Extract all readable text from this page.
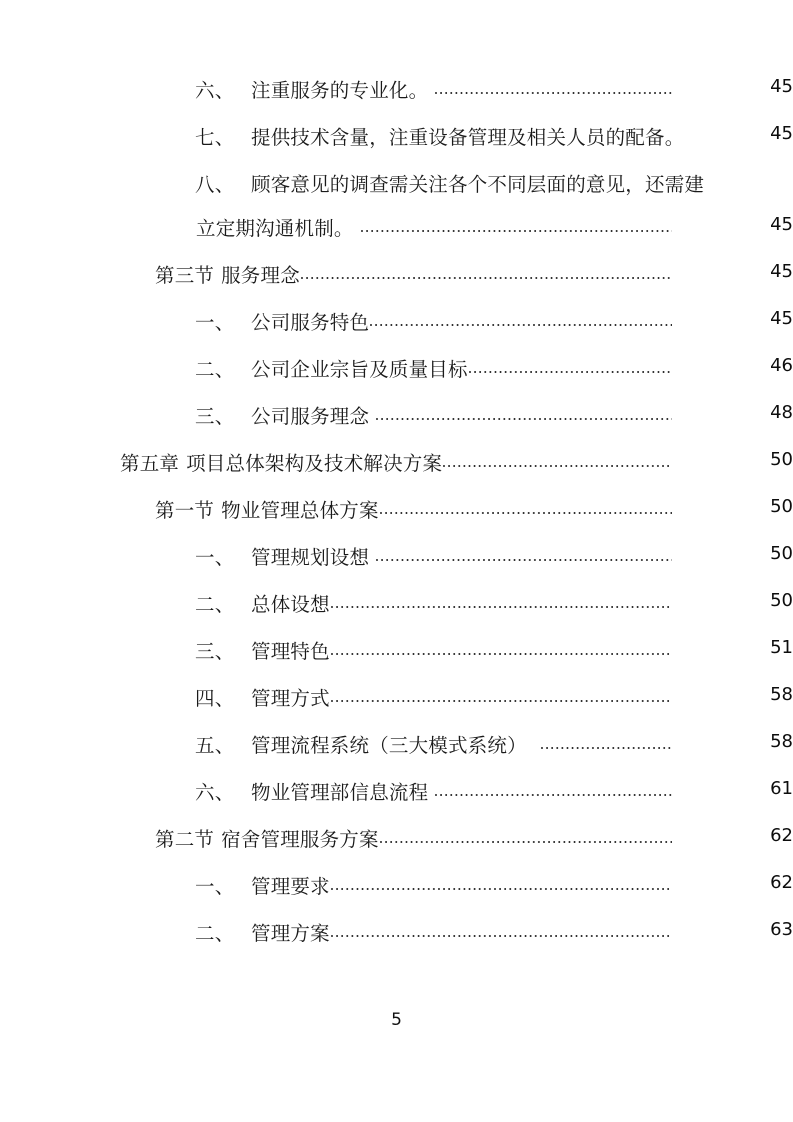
六、 注重服务的专业化。	45
七、 提供技术含量，注重设备管理及相关人员的配备。	45
八、 顾客意见的调查需关注各个不同层面的意见，还需建
立定期沟通机制。	45
第三节 服务理念	45
一、 公司服务特色	45
二、 公司企业宗旨及质量目标	46
三、 公司服务理念	48
第五章 项目总体架构及技术解决方案	50
第一节 物业管理总体方案	50
一、 管理规划设想	50
二、 总体设想	50
三、 管理特色	51
四、 管理方式	58
五、 管理流程系统（三大模式系统）	58
六、 物业管理部信息流程	61
第二节 宿舍管理服务方案	62
一、 管理要求	62
二、 管理方案	63
5
